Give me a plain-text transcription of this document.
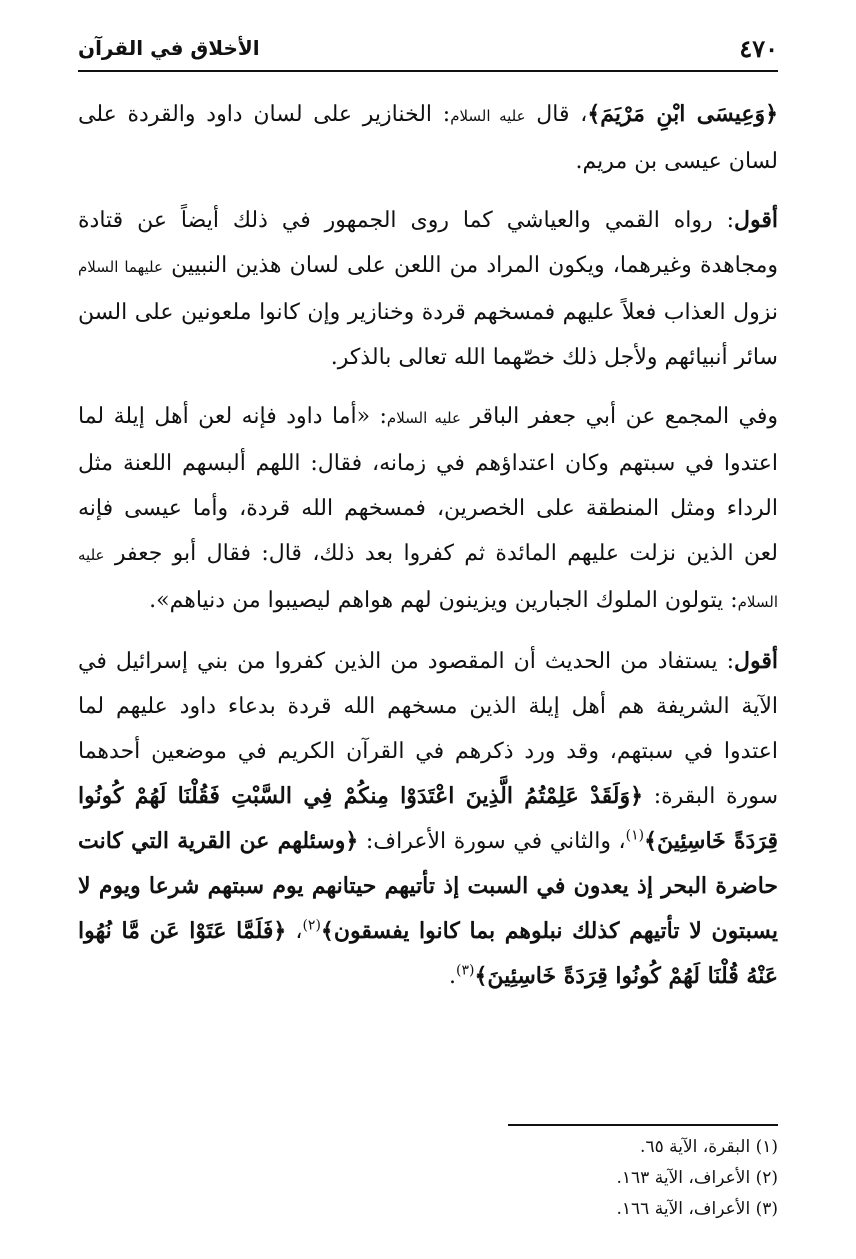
٤٧٠
الأخلاق في القرآن

﴿وَعِيسَى ابْنِ مَرْيَمَ﴾، قال عليه السلام: الخنازير على لسان داود والقردة على لسان عيسى بن مريم.

أقول: رواه القمي والعياشي كما روى الجمهور في ذلك أيضاً عن قتادة ومجاهدة وغيرهما، ويكون المراد من اللعن على لسان هذين النبيين عليهما السلام نزول العذاب فعلاً عليهم فمسخهم قردة وخنازير وإن كانوا ملعونين على السن سائر أنبيائهم ولأجل ذلك خصّهما الله تعالى بالذكر.

وفي المجمع عن أبي جعفر الباقر عليه السلام: «أما داود فإنه لعن أهل إيلة لما اعتدوا في سبتهم وكان اعتداؤهم في زمانه، فقال: اللهم ألبسهم اللعنة مثل الرداء ومثل المنطقة على الخصرين، فمسخهم الله قردة، وأما عيسى فإنه لعن الذين نزلت عليهم المائدة ثم كفروا بعد ذلك، قال: فقال أبو جعفر عليه السلام: يتولون الملوك الجبارين ويزينون لهم هواهم ليصيبوا من دنياهم».

أقول: يستفاد من الحديث أن المقصود من الذين كفروا من بني إسرائيل في الآية الشريفة هم أهل إيلة الذين مسخهم الله قردة بدعاء داود عليهم لما اعتدوا في سبتهم، وقد ورد ذكرهم في القرآن الكريم في موضعين أحدهما سورة البقرة: ﴿وَلَقَدْ عَلِمْتُمُ الَّذِينَ اعْتَدَوْا مِنكُمْ فِي السَّبْتِ فَقُلْنَا لَهُمْ كُونُوا قِرَدَةً خَاسِئِينَ﴾$^{(١)}$، والثاني في سورة الأعراف: ﴿وسئلهم عن القرية التي كانت حاضرة البحر إذ يعدون في السبت إذ تأتيهم حيتانهم يوم سبتهم شرعا ويوم لا يسبتون لا تأتيهم كذلك نبلوهم بما كانوا يفسقون﴾$^{(٢)}$، ﴿فَلَمَّا عَتَوْا عَن مَّا نُهُوا عَنْهُ قُلْنَا لَهُمْ كُونُوا قِرَدَةً خَاسِئِينَ﴾$^{(٣)}$.

(١) البقرة، الآية ٦٥.
(٢) الأعراف، الآية ١٦٣.
(٣) الأعراف، الآية ١٦٦.
